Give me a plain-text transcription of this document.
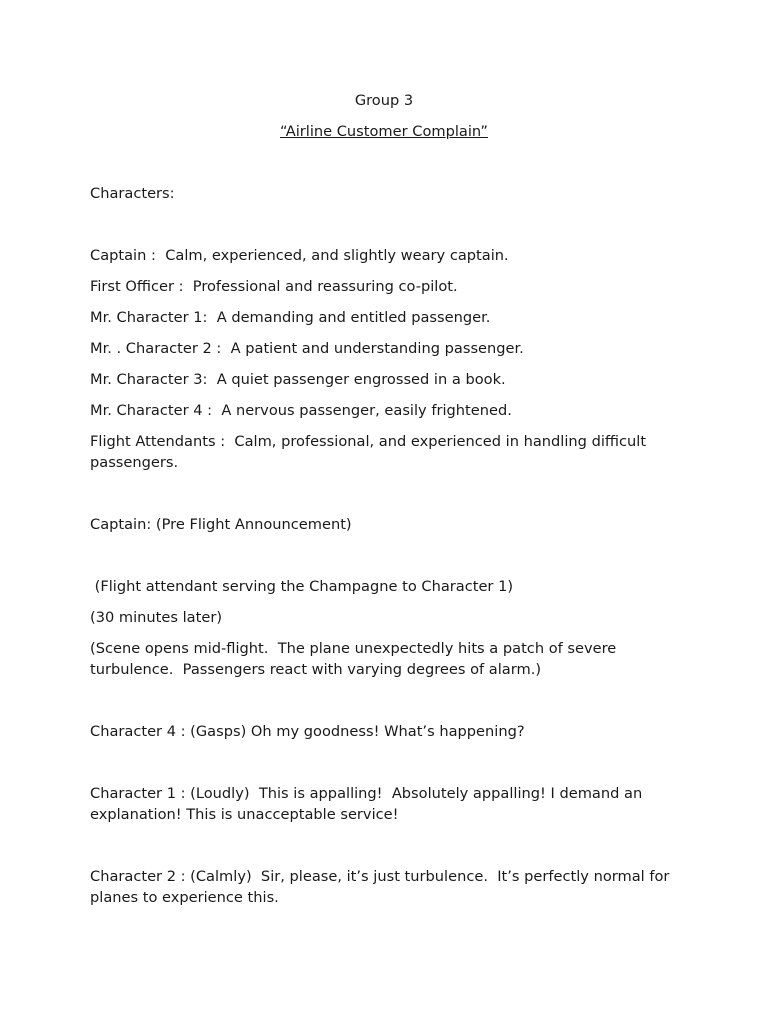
Group 3

“Airline Customer Complain”

Characters:

Captain :  Calm, experienced, and slightly weary captain.

First Officer :  Professional and reassuring co-pilot.

Mr. Character 1:  A demanding and entitled passenger.

Mr. . Character 2 :  A patient and understanding passenger.

Mr. Character 3:  A quiet passenger engrossed in a book.

Mr. Character 4 :  A nervous passenger, easily frightened.

Flight Attendants :  Calm, professional, and experienced in handling difficult passengers.

Captain: (Pre Flight Announcement)

(Flight attendant serving the Champagne to Character 1)

(30 minutes later)

(Scene opens mid-flight.  The plane unexpectedly hits a patch of severe turbulence.  Passengers react with varying degrees of alarm.)

Character 4 : (Gasps) Oh my goodness! What’s happening?

Character 1 : (Loudly)  This is appalling!  Absolutely appalling! I demand an explanation! This is unacceptable service!

Character 2 : (Calmly)  Sir, please, it’s just turbulence.  It’s perfectly normal for planes to experience this.
